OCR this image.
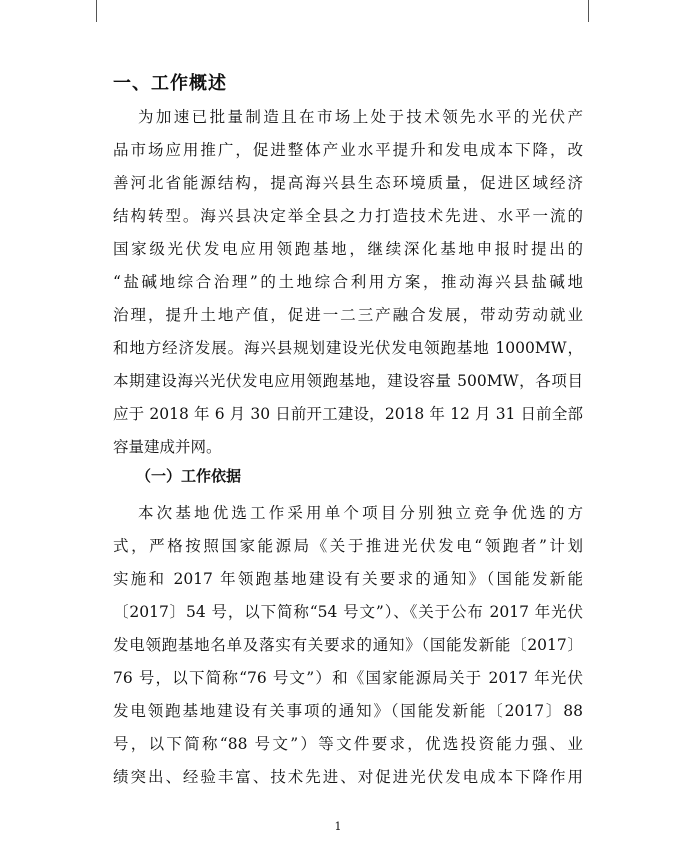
一、工作概述
为加速已批量制造且在市场上处于技术领先水平的光伏产
品市场应用推广，促进整体产业水平提升和发电成本下降，改
善河北省能源结构，提高海兴县生态环境质量，促进区域经济
结构转型。海兴县决定举全县之力打造技术先进、水平一流的
国家级光伏发电应用领跑基地，继续深化基地申报时提出的
“盐碱地综合治理”的土地综合利用方案，推动海兴县盐碱地
治理，提升土地产值，促进一二三产融合发展，带动劳动就业
和地方经济发展。海兴县规划建设光伏发电领跑基地 1000MW，
本期建设海兴光伏发电应用领跑基地，建设容量 500MW，各项目
应于 2018 年 6 月 30 日前开工建设，2018 年 12 月 31 日前全部
容量建成并网。
（一）工作依据
本次基地优选工作采用单个项目分别独立竞争优选的方
式，严格按照国家能源局《关于推进光伏发电“领跑者”计划
实施和 2017 年领跑基地建设有关要求的通知》（国能发新能
〔2017〕54 号，以下简称“54 号文”）、《关于公布 2017 年光伏
发电领跑基地名单及落实有关要求的通知》（国能发新能〔2017〕
76 号，以下简称“76 号文”）和《国家能源局关于 2017 年光伏
发电领跑基地建设有关事项的通知》（国能发新能〔2017〕88
号，以下简称“88 号文”）等文件要求，优选投资能力强、业
绩突出、经验丰富、技术先进、对促进光伏发电成本下降作用
1
